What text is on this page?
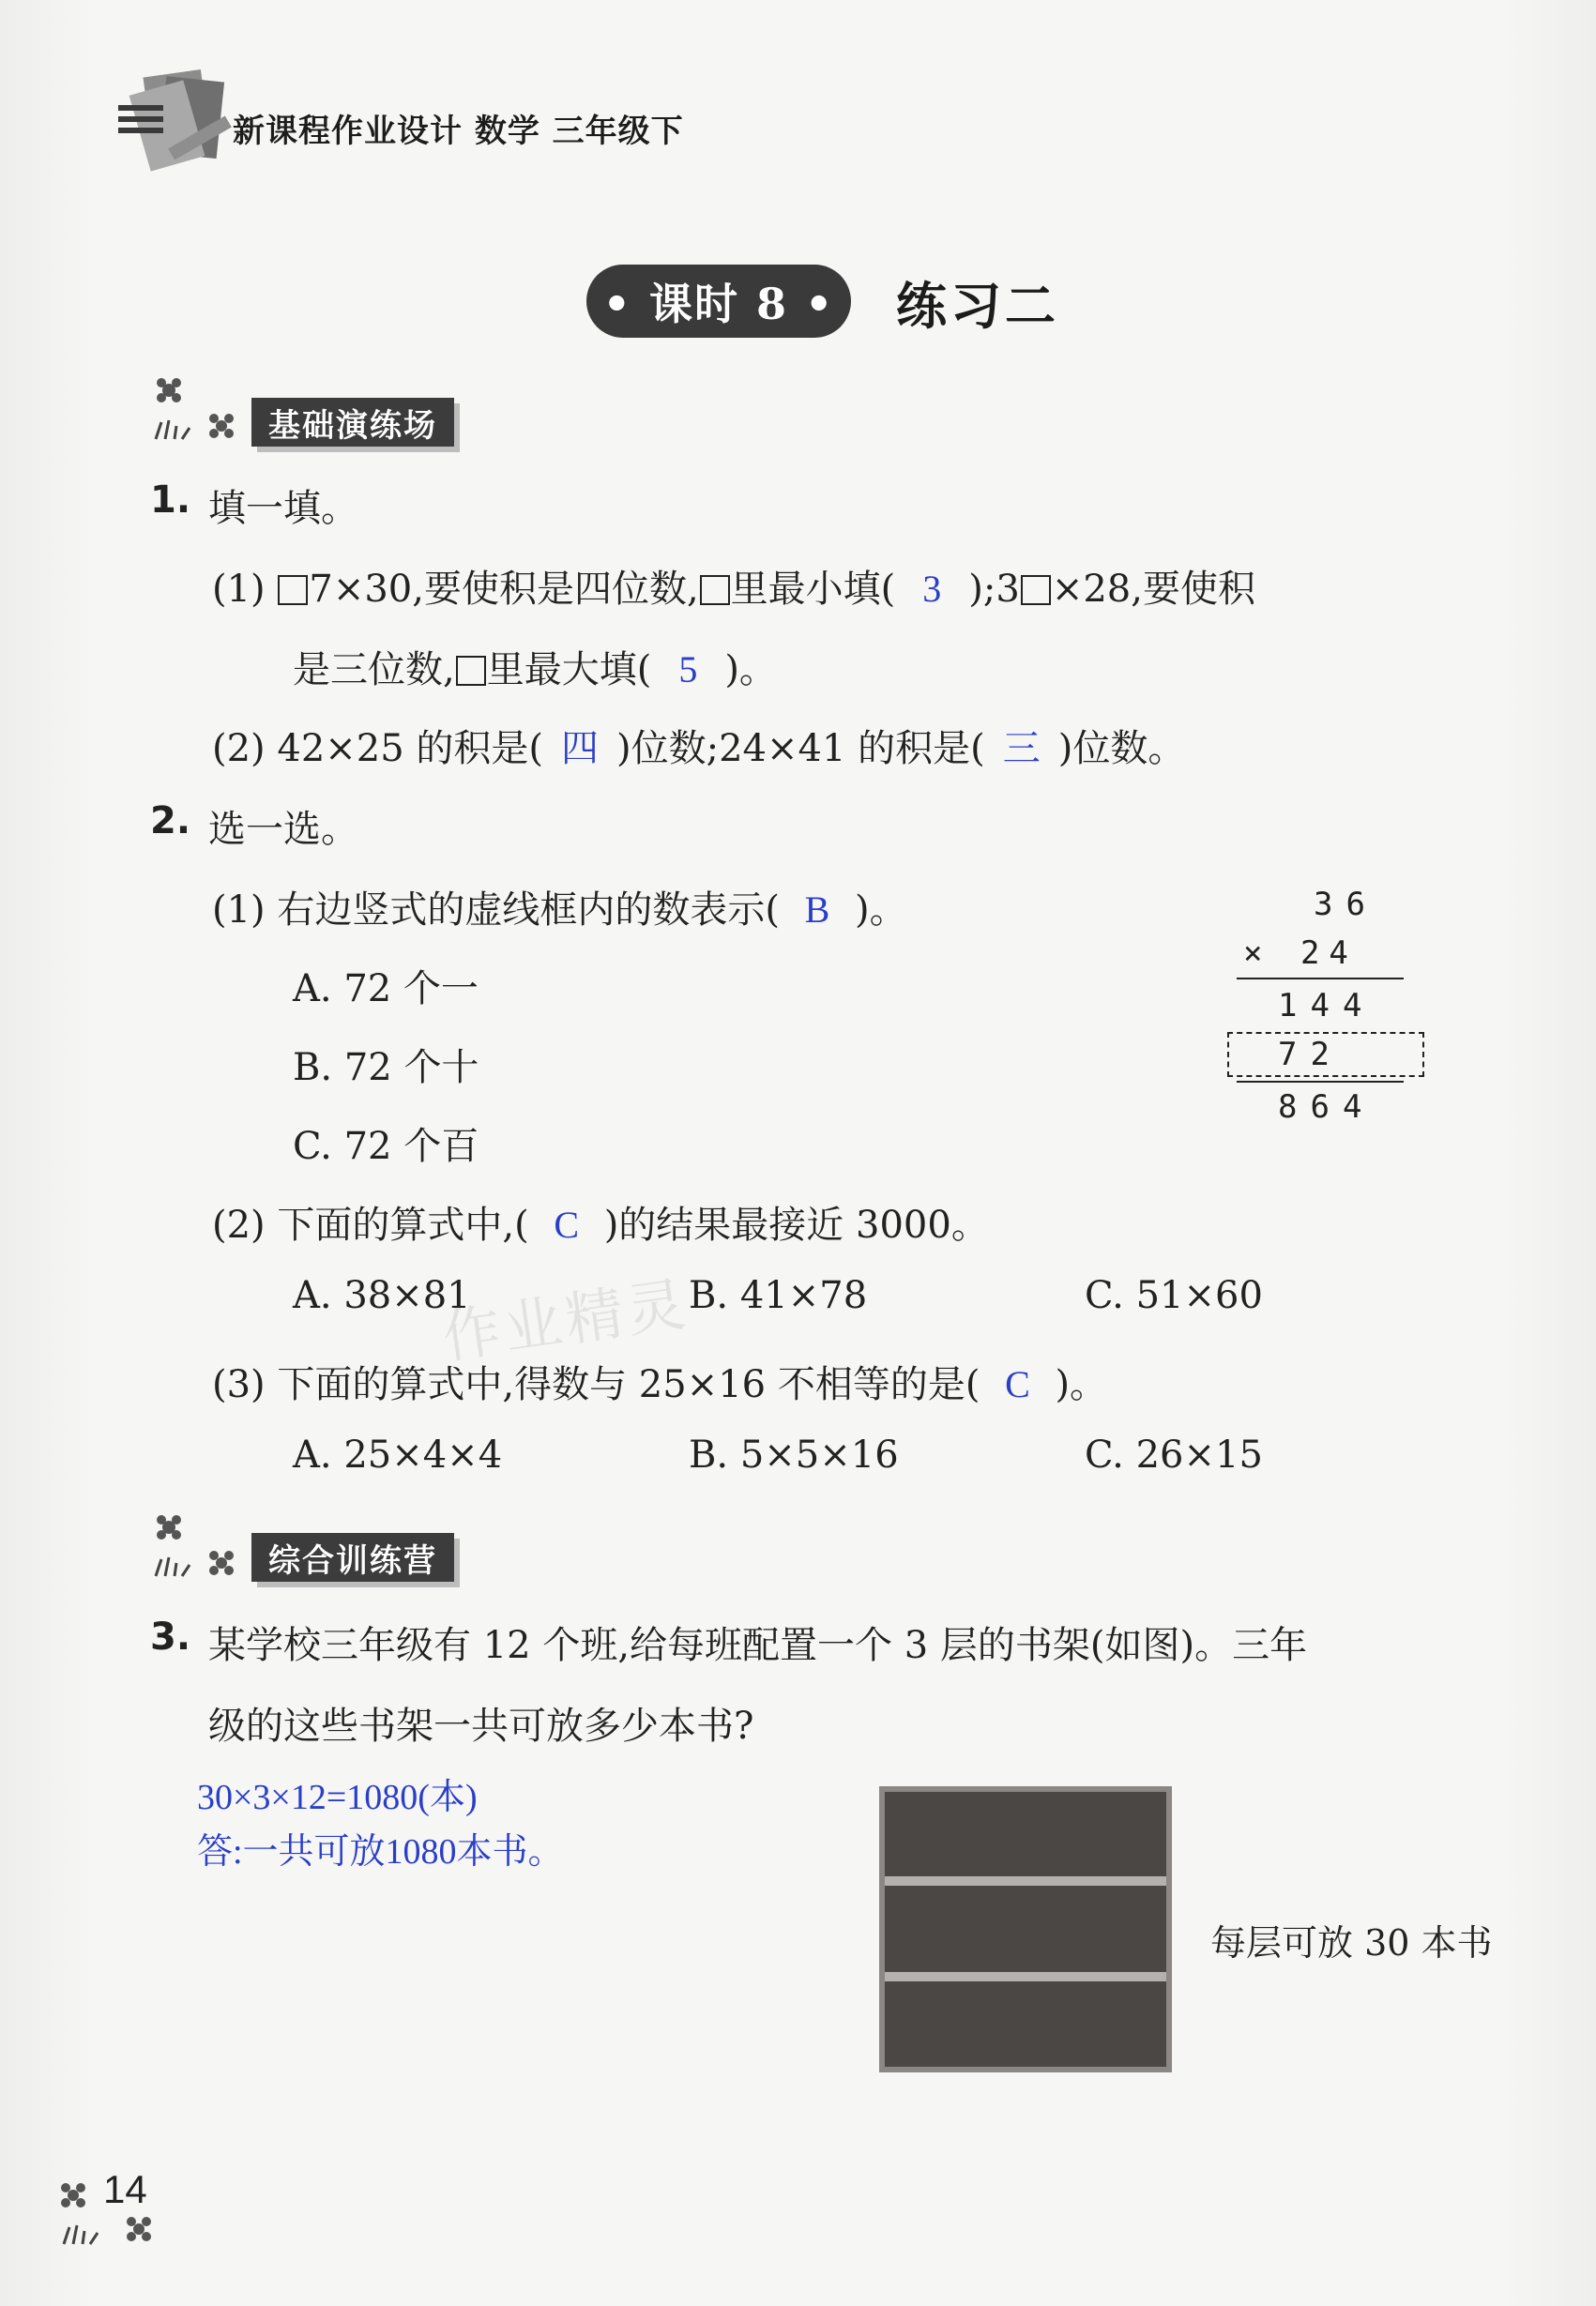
新课程作业设计 数学 三年级下
• 课时 8 •	练习二
基础演练场
1. 填一填。
(1) 7×30,要使积是四位数, 里最小填( 3 );3 ×28,要使积
是三位数, 里最大填( 5 )。
(2) 42×25 的积是( 四 )位数;24×41 的积是( 三 )位数。
2. 选一选。
(1) 右边竖式的虚线框内的数表示( B )。
A. 72 个一
B. 72 个十
C. 72 个百
36
× 24
144
72
864
(2) 下面的算式中,( C )的结果最接近 3000。
A. 38×81	B. 41×78	C. 51×60
(3) 下面的算式中,得数与 25×16 不相等的是( C )。
A. 25×4×4	B. 5×5×16	C. 26×15
作业精灵
综合训练营
3. 某学校三年级有 12 个班,给每班配置一个 3 层的书架(如图)。三年
级的这些书架一共可放多少本书?
30×3×12=1080(本)
答:一共可放1080本书。
每层可放 30 本书
14
